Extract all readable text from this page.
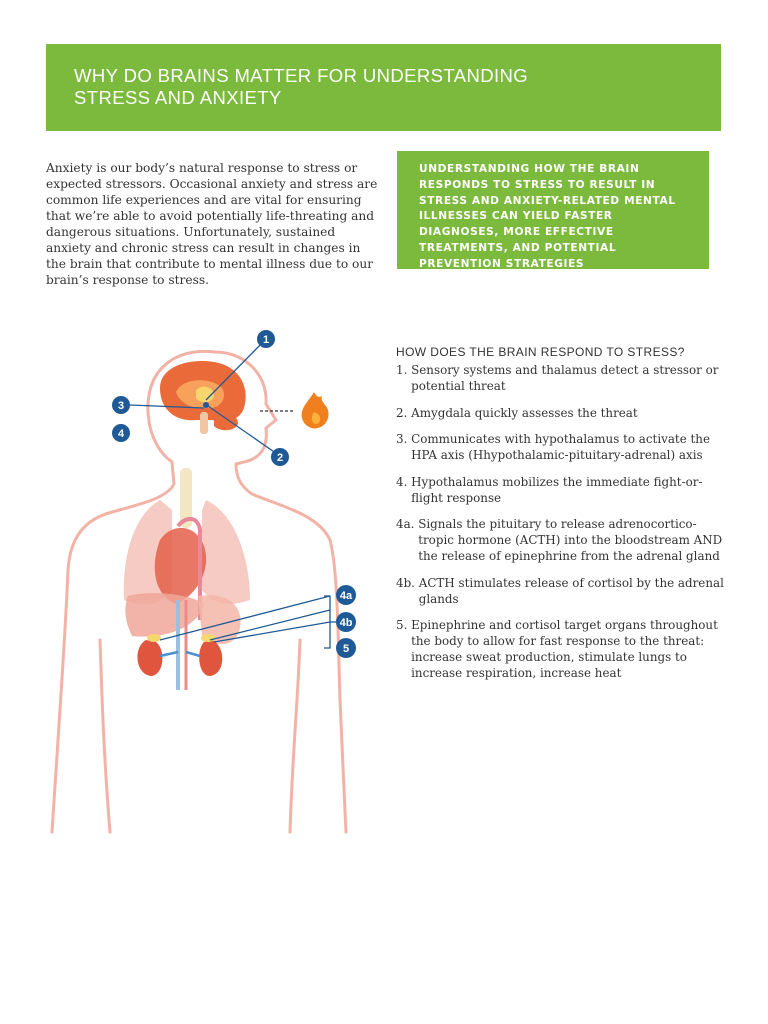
WHY DO BRAINS MATTER FOR UNDERSTANDING STRESS AND ANXIETY

Anxiety is our body’s natural response to stress or expected stressors. Occasional anxiety and stress are common life experiences and are vital for ensuring that we’re able to avoid potentially life-threating and dangerous situations. Unfortunately, sustained anxiety and chronic stress can result in changes in the brain that contribute to mental illness due to our brain’s response to stress.

UNDERSTANDING HOW THE BRAIN RESPONDS TO STRESS TO RESULT IN STRESS AND ANXIETY-RELATED MENTAL ILLNESSES CAN YIELD FASTER DIAGNOSES, MORE EFFECTIVE TREATMENTS, AND POTENTIAL PREVENTION STRATEGIES

1
2
3
4
4a
4b
5
HOW DOES THE BRAIN RESPOND TO STRESS?
1. Sensory systems and thalamus detect a stressor or potential threat
2. Amygdala quickly assesses the threat
3. Communicates with hypothalamus to activate the HPA axis (Hhypothalamic-pituitary-adrenal) axis
4. Hypothalamus mobilizes the immediate fight-or-flight response
4a. Signals the pituitary to release adrenocortico-tropic hormone (ACTH) into the bloodstream AND the release of epinephrine from the adrenal gland
4b. ACTH stimulates release of cortisol by the adrenal glands
5. Epinephrine and cortisol target organs throughout the body to allow for fast response to the threat: increase sweat production, stimulate lungs to increase respiration, increase heat
